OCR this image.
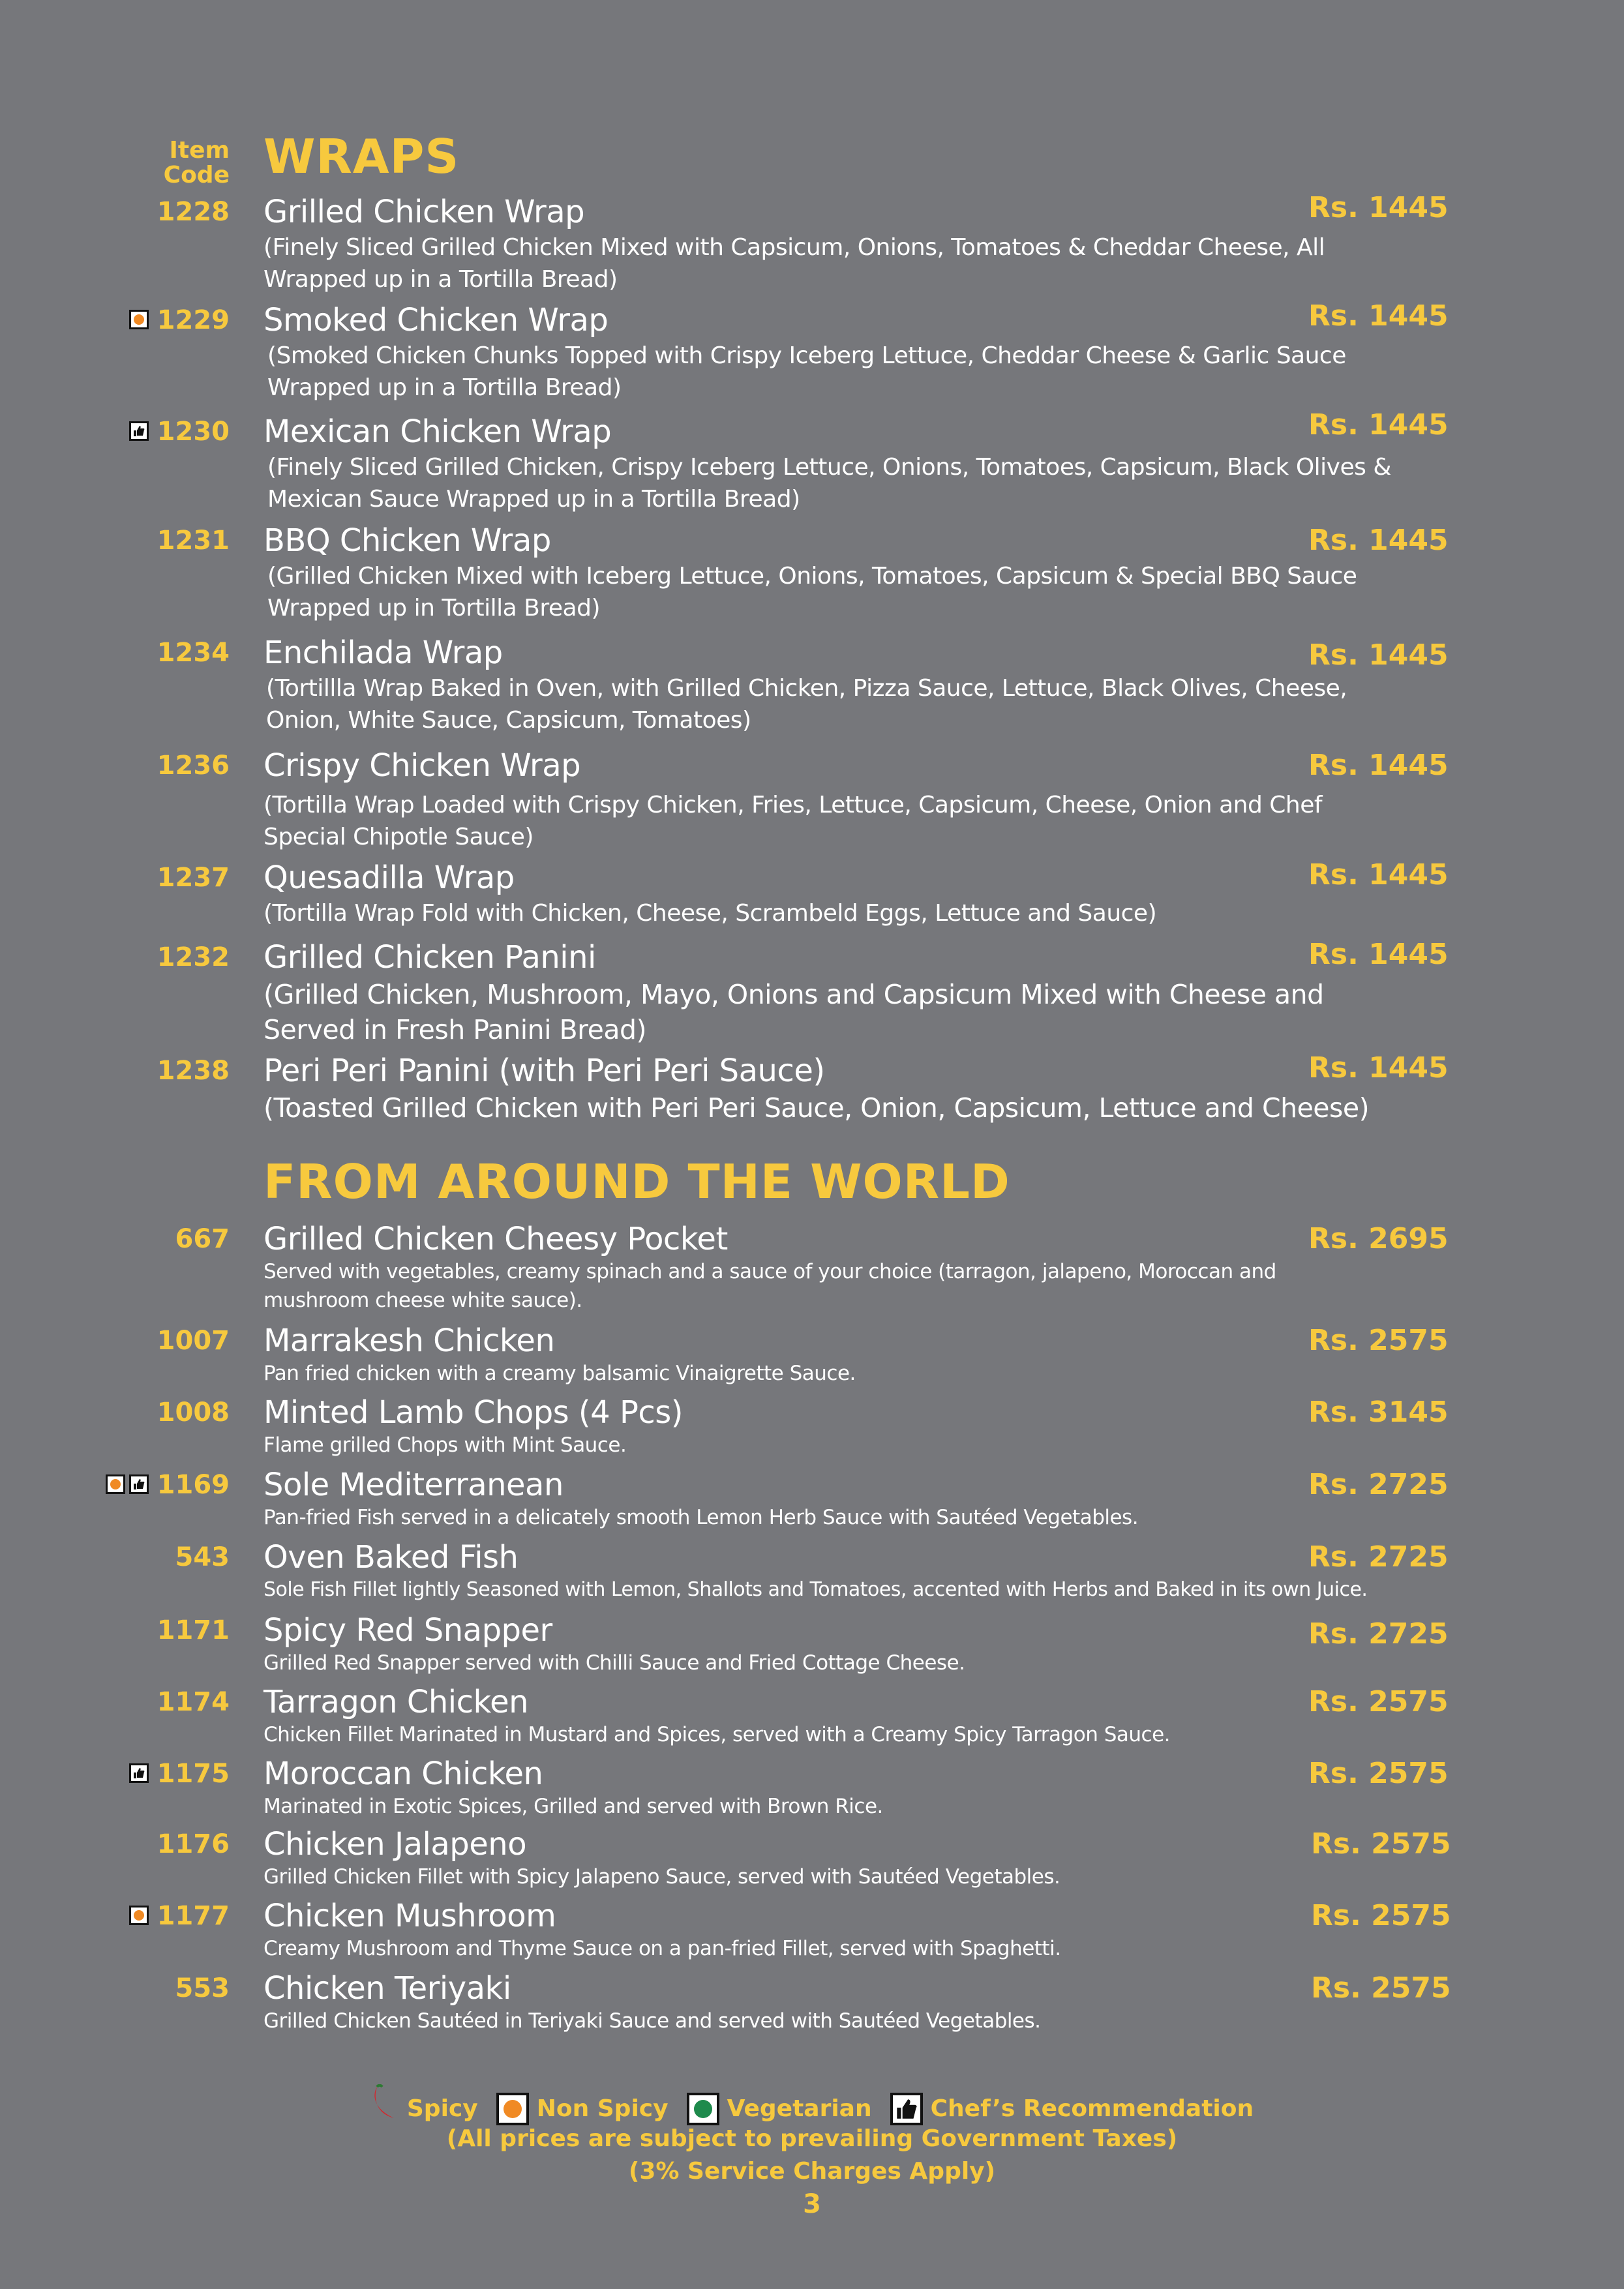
Item Code WRAPS
1228 Grilled Chicken Wrap	Rs. 1445
(Finely Sliced Grilled Chicken Mixed with Capsicum, Onions, Tomatoes & Cheddar Cheese, All Wrapped up in a Tortilla Bread)
1229 Smoked Chicken Wrap	Rs. 1445
(Smoked Chicken Chunks Topped with Crispy Iceberg Lettuce, Cheddar Cheese & Garlic Sauce Wrapped up in a Tortilla Bread)
1230 Mexican Chicken Wrap	Rs. 1445
(Finely Sliced Grilled Chicken, Crispy Iceberg Lettuce, Onions, Tomatoes, Capsicum, Black Olives & Mexican Sauce Wrapped up in a Tortilla Bread)
1231 BBQ Chicken Wrap	Rs. 1445
(Grilled Chicken Mixed with Iceberg Lettuce, Onions, Tomatoes, Capsicum & Special BBQ Sauce Wrapped up in Tortilla Bread)
1234 Enchilada Wrap	Rs. 1445
(Tortillla Wrap Baked in Oven, with Grilled Chicken, Pizza Sauce, Lettuce, Black Olives, Cheese, Onion, White Sauce, Capsicum, Tomatoes)
1236 Crispy Chicken Wrap	Rs. 1445
(Tortilla Wrap Loaded with Crispy Chicken, Fries, Lettuce, Capsicum, Cheese, Onion and Chef Special Chipotle Sauce)
1237 Quesadilla Wrap	Rs. 1445
(Tortilla Wrap Fold with Chicken, Cheese, Scrambeld Eggs, Lettuce and Sauce)
1232 Grilled Chicken Panini	Rs. 1445
(Grilled Chicken, Mushroom, Mayo, Onions and Capsicum Mixed with Cheese and Served in Fresh Panini Bread)
1238 Peri Peri Panini (with Peri Peri Sauce)	Rs. 1445
(Toasted Grilled Chicken with Peri Peri Sauce, Onion, Capsicum, Lettuce and Cheese)
FROM AROUND THE WORLD
667 Grilled Chicken Cheesy Pocket	Rs. 2695
Served with vegetables, creamy spinach and a sauce of your choice (tarragon, jalapeno, Moroccan and mushroom cheese white sauce).
1007 Marrakesh Chicken	Rs. 2575
Pan fried chicken with a creamy balsamic Vinaigrette Sauce.
1008 Minted Lamb Chops (4 Pcs)	Rs. 3145
Flame grilled Chops with Mint Sauce.
1169 Sole Mediterranean	Rs. 2725
Pan-fried Fish served in a delicately smooth Lemon Herb Sauce with Sautéed Vegetables.
543 Oven Baked Fish	Rs. 2725
Sole Fish Fillet lightly Seasoned with Lemon, Shallots and Tomatoes, accented with Herbs and Baked in its own Juice.
1171 Spicy Red Snapper	Rs. 2725
Grilled Red Snapper served with Chilli Sauce and Fried Cottage Cheese.
1174 Tarragon Chicken	Rs. 2575
Chicken Fillet Marinated in Mustard and Spices, served with a Creamy Spicy Tarragon Sauce.
1175 Moroccan Chicken	Rs. 2575
Marinated in Exotic Spices, Grilled and served with Brown Rice.
1176 Chicken Jalapeno	Rs. 2575
Grilled Chicken Fillet with Spicy Jalapeno Sauce, served with Sautéed Vegetables.
1177 Chicken Mushroom	Rs. 2575
Creamy Mushroom and Thyme Sauce on a pan-fried Fillet, served with Spaghetti.
553 Chicken Teriyaki	Rs. 2575
Grilled Chicken Sautéed in Teriyaki Sauce and served with Sautéed Vegetables.
Spicy	Non Spicy	Vegetarian	Chef’s Recommendation
(All prices are subject to prevailing Government Taxes)
(3% Service Charges Apply)
3
